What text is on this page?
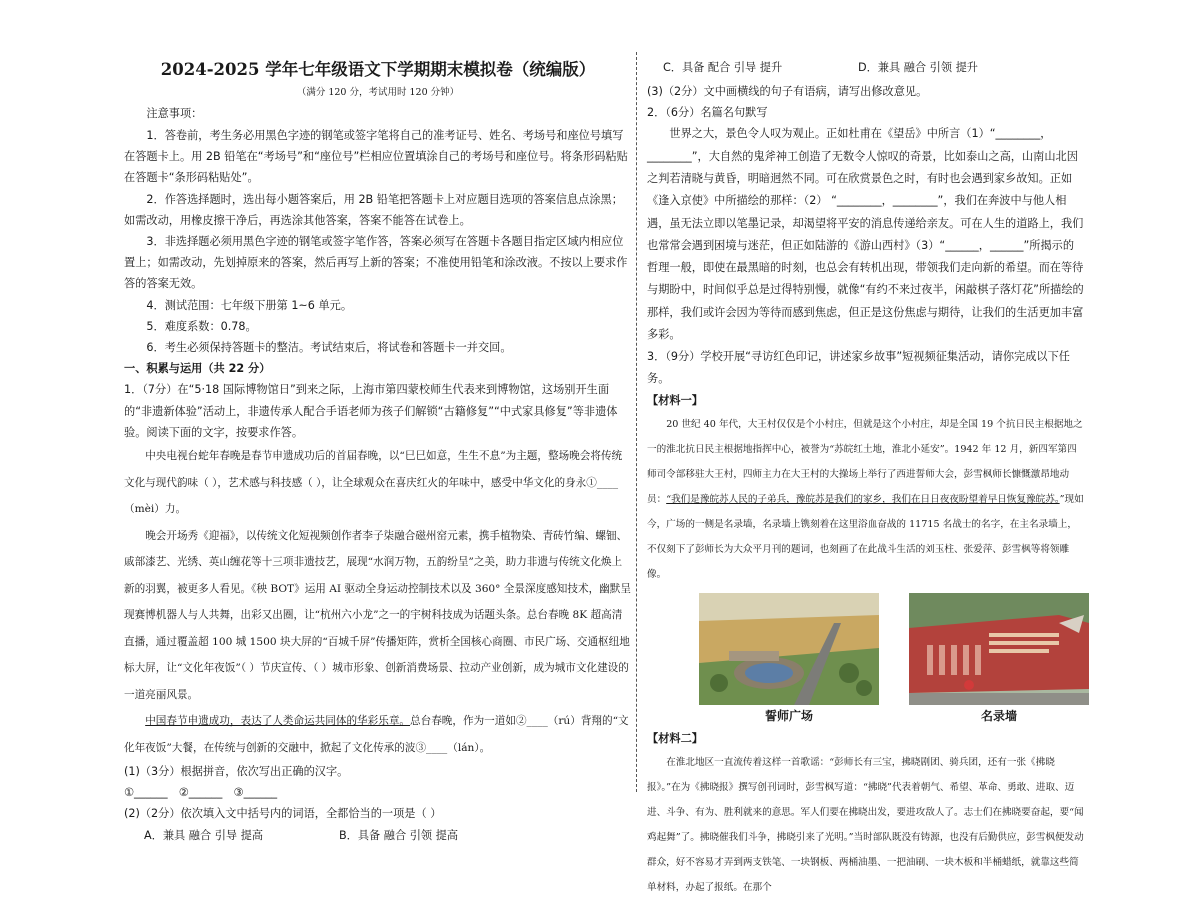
2024-2025 学年七年级语文下学期期末模拟卷（统编版）
（满分 120 分，考试用时 120 分钟）

注意事项：

1．答卷前，考生务必用黑色字迹的钢笔或签字笔将自己的准考证号、姓名、考场号和座位号填写在答题卡上。用 2B 铅笔在“考场号”和“座位号”栏相应位置填涂自己的考场号和座位号。将条形码粘贴在答题卡“条形码粘贴处”。

2．作答选择题时，选出每小题答案后，用 2B 铅笔把答题卡上对应题目选项的答案信息点涂黑；如需改动，用橡皮擦干净后，再选涂其他答案，答案不能答在试卷上。

3．非选择题必须用黑色字迹的钢笔或签字笔作答，答案必须写在答题卡各题目指定区域内相应位置上；如需改动，先划掉原来的答案，然后再写上新的答案；不准使用铅笔和涂改液。不按以上要求作答的答案无效。

4．测试范围：七年级下册第 1~6 单元。

5．难度系数：0.78。

6．考生必须保持答题卡的整洁。考试结束后，将试卷和答题卡一并交回。

一、积累与运用（共 22 分）

1．（7分）在“5·18 国际博物馆日”到来之际，上海市第四蒙校师生代表来到博物馆，这场别开生面的“非遗新体验”活动上，非遗传承人配合手语老师为孩子们解锁“古籍修复”“中式家具修复”等非遗体验。阅读下面的文字，按要求作答。

中央电视台蛇年春晚是春节申遗成功后的首届春晚，以“巳巳如意，生生不息”为主题，整场晚会将传统文化与现代韵味（ ），艺术感与科技感（ ），让全球观众在喜庆红火的年味中，感受中华文化的身永①____（mèi）力。

晚会开场秀《迎福》，以传统文化短视频创作者李子柒融合磁州窑元素，携手植物染、青砖竹编、螺钿、戚部漆艺、光绣、英山缠花等十三项非遗技艺，展现“水润万物，五韵纷呈”之美，助力非遗与传统文化焕上新的羽翼，被更多人看见。《秧 BOT》运用 AI 驱动全身运动控制技术以及 360° 全景深度感知技术，幽默呈现赛博机器人与人共舞，出彩又出圈，让“杭州六小龙”之一的宇树科技成为话题头条。总台春晚 8K 超高清直播，通过覆盖超 100 城 1500 块大屏的“百城千屏”传播矩阵，赏析全国核心商圈、市民广场、交通枢纽地标大屏，让“文化年夜饭”（ ）节庆宣传、（ ）城市形象、创新消费场景、拉动产业创新，成为城市文化建设的一道亮丽风景。

中国春节申遗成功，表达了人类命运共同体的华彩乐章。总台春晚，作为一道如②____（rú）背翔的“文化年夜饭”大餐，在传统与创新的交融中，掀起了文化传承的波③____（lán）。

(1)（3分）根据拼音，依次写出正确的汉字。

①______　②______　③______

(2)（2分）依次填入文中括号内的词语，全都恰当的一项是（ ）

A．兼具 融合 引导 提高	B．具备 融合 引领 提高
C．具备 配合 引导 提升	D．兼具 融合 引领 提升

(3)（2分）文中画横线的句子有语病，请写出修改意见。

2．（6分）名篇名句默写

世界之大，景色令人叹为观止。正如杜甫在《望岳》中所言（1）“________，________”，大自然的鬼斧神工创造了无数令人惊叹的奇景，比如泰山之高，山南山北因之判若清晓与黄昏，明暗迥然不同。可在欣赏景色之时，有时也会遇到家乡故知。正如《逢入京使》中所描绘的那样：（2） “________，________”，我们在奔波中与他人相遇，虽无法立即以笔墨记录，却渴望将平安的消息传递给亲友。可在人生的道路上，我们也常常会遇到困境与迷茫，但正如陆游的《游山西村》（3）“______，______”所揭示的哲理一般，即使在最黑暗的时刻，也总会有转机出现，带领我们走向新的希望。而在等待与期盼中，时间似乎总是过得特别慢，就像“有约不来过夜半，闲敲棋子落灯花”所描绘的那样，我们或许会因为等待而感到焦虑，但正是这份焦虑与期待，让我们的生活更加丰富多彩。

3．（9分）学校开展“寻访红色印记，讲述家乡故事”短视频征集活动，请你完成以下任务。

【材料一】

20 世纪 40 年代，大王村仅仅是个小村庄，但就是这个小村庄，却是全国 19 个抗日民主根据地之一的淮北抗日民主根据地指挥中心，被誉为“苏皖红土地，淮北小延安”。1942 年 12 月，新四军第四师司令部移驻大王村，四师主力在大王村的大操场上举行了西进誓师大会，彭雪枫师长慷慨激昂地动员：“我们是豫皖苏人民的子弟兵，豫皖苏是我们的家乡，我们在日日夜夜盼望着早日恢复豫皖苏。”现如今，广场的一侧是名录墙，名录墙上镌刻着在这里浴血奋战的 11715 名战士的名字，在主名录墙上，不仅刻下了彭师长为大众平月刊的题词，也刻画了在此战斗生活的刘玉柱、张爱萍、彭雪枫等将领雕像。

誓师广场	名录墙

【材料二】

在淮北地区一直流传着这样一首歌谣：“彭师长有三宝，拂晓剧团、骑兵团，还有一张《拂晓报》。”在为《拂晓报》撰写创刊词时，彭雪枫写道：“拂晓”代表着朝气、希望、革命、勇敢、进取、迈进、斗争、有为、胜利就来的意思。军人们要在拂晓出发，要进攻敌人了。志士们在拂晓要奋起，要“闻鸡起舞”了。拂晓催我们斗争，拂晓引来了光明。”当时部队既没有铸源，也没有后勤供应，彭雪枫便发动群众，好不容易才弄到两支铁笔、一块钢板、两桶油墨、一把油刷、一块木板和半桶蜡纸，就靠这些简单材料，办起了报纸。在那个
